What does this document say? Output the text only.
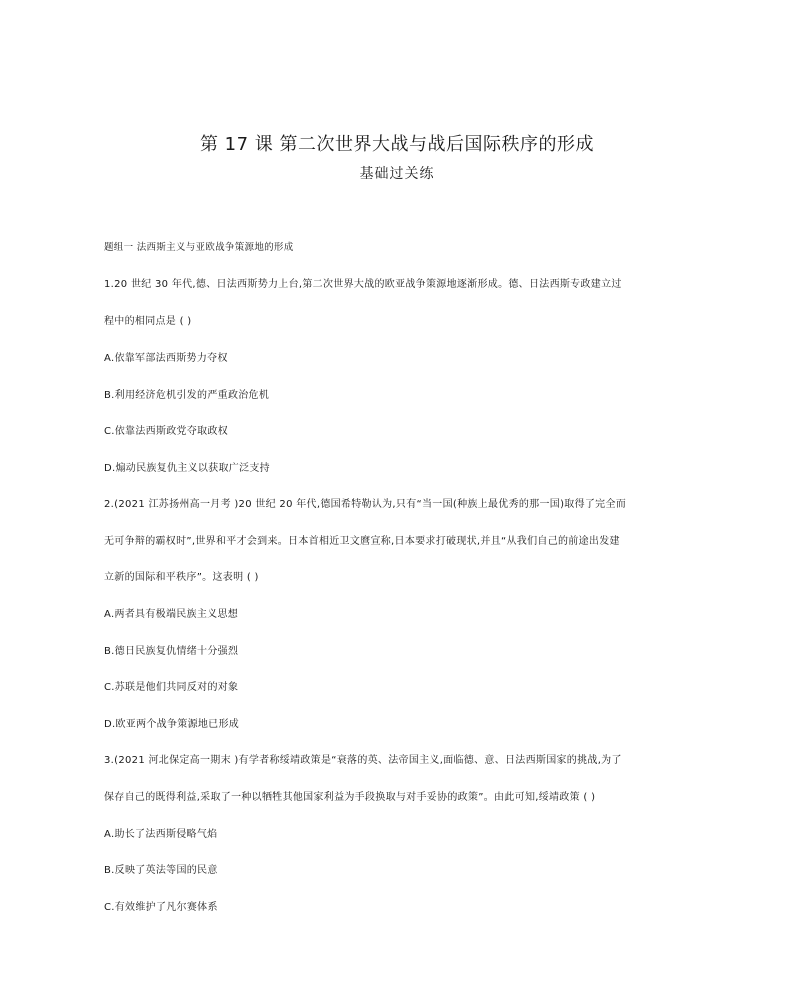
第 17 课 第二次世界大战与战后国际秩序的形成
基础过关练
题组一 法西斯主义与亚欧战争策源地的形成
1.20 世纪 30 年代,德、日法西斯势力上台,第二次世界大战的欧亚战争策源地逐渐形成。德、日法西斯专政建立过
程中的相同点是 ( )
A.依靠军部法西斯势力夺权
B.利用经济危机引发的严重政治危机
C.依靠法西斯政党夺取政权
D.煽动民族复仇主义以获取广泛支持
2.(2021 江苏扬州高一月考 )20 世纪 20 年代,德国希特勒认为,只有“当一国(种族上最优秀的那一国)取得了完全而
无可争辩的霸权时”,世界和平才会到来。日本首相近卫文麿宣称,日本要求打破现状,并且“从我们自己的前途出发建
立新的国际和平秩序”。这表明 ( )
A.两者具有极端民族主义思想
B.德日民族复仇情绪十分强烈
C.苏联是他们共同反对的对象
D.欧亚两个战争策源地已形成
3.(2021 河北保定高一期末 )有学者称绥靖政策是“衰落的英、法帝国主义,面临德、意、日法西斯国家的挑战,为了
保存自己的既得利益,采取了一种以牺牲其他国家利益为手段换取与对手妥协的政策”。由此可知,绥靖政策 ( )
A.助长了法西斯侵略气焰
B.反映了英法等国的民意
C.有效维护了凡尔赛体系
